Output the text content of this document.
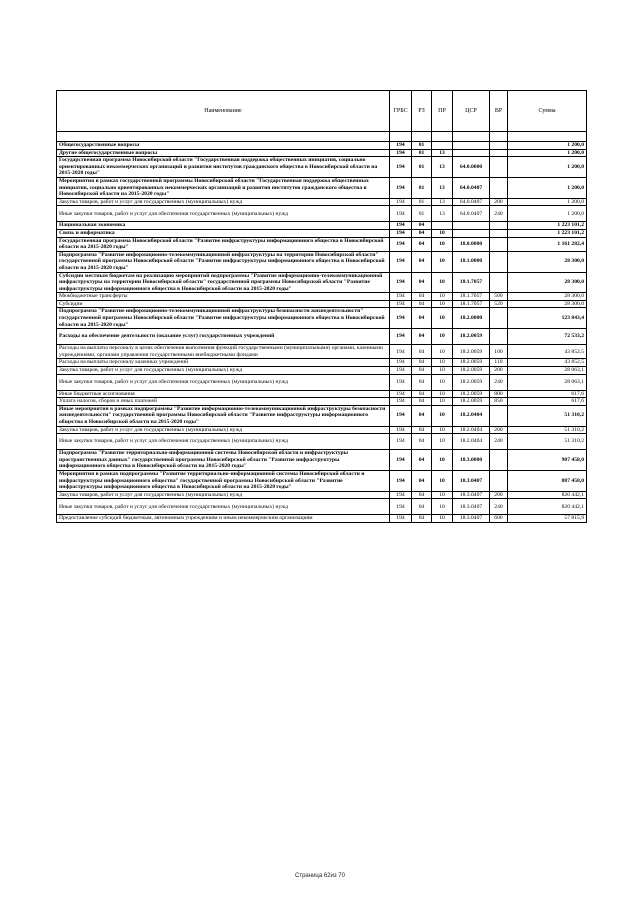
Наименование	ГРБС	РЗ	ПР	ЦСР	ВР	Сумма

Общегосударственные вопросы	194	01				1 200,0
Другие общегосударственные вопросы	194	01	13			1 200,0
Государственная программа Новосибирской области "Государственная поддержка общественных инициатив, социально ориентированных некоммерческих организаций и развития институтов гражданского общества в Новосибирской области на 2015-2020 годы"	194	01	13	64.0.0000		1 200,0
Мероприятия в рамках государственной программы Новосибирской области "Государственная поддержка общественных инициатив, социально ориентированных некоммерческих организаций и развития институтов гражданского общества в Новосибирской области на 2015-2020 годы"	194	01	13	64.0.0407		1 200,0
Закупка товаров, работ и услуг для государственных (муниципальных) нужд	194	01	13	64.0.0407	200	1 200,0
Иные закупки товаров, работ и услуг для обеспечения государственных (муниципальных) нужд	194	01	13	64.0.0407	240	1 200,0
Национальная экономика	194	04				1 223 101,2
Связь и информатика	194	04	10			1 223 101,2
Государственная программа Новосибирской области "Развитие инфраструктуры информационного общества в Новосибирской области на 2015-2020 годы"	194	04	10	18.0.0000		1 161 282,4
Подпрограмма "Развитие информационно-телекоммуникационной инфраструктуры на территории Новосибирской области" государственной программы Новосибирской области "Развитие инфраструктуры информационного общества в Новосибирской области на 2015-2020 годы"	194	04	10	18.1.0000		28 300,0
Субсидии местным бюджетам на реализацию мероприятий подпрограммы "Развитие информационно-телекоммуникационной инфраструктуры на территории Новосибирской области" государственной программы Новосибирской области "Развитие инфраструктуры информационного общества в Новосибирской области на 2015-2020 годы"	194	04	10	18.1.7057		28 300,0
Межбюджетные трансферты	194	04	10	18.1.7057	500	28 300,0
Субсидии	194	04	10	18.1.7057	520	28 300,0
Подпрограмма "Развитие информационно-телекоммуникационной инфраструктуры безопасности жизнедеятельности" государственной программы Новосибирской области "Развитие инфраструктуры информационного общества в Новосибирской области на 2015-2020 годы"	194	04	10	18.2.0000		123 843,4
Расходы на обеспечение деятельности (оказание услуг) государственных учреждений	194	04	10	18.2.0059		72 533,2
Расходы на выплаты персоналу в целях обеспечения выполнения функций государственными (муниципальными) органами, казенными учреждениями, органами управления государственными внебюджетными фондами	194	04	10	18.2.0059	100	43 852,5
Расходы на выплаты персоналу казенных учреждений	194	04	10	18.2.0059	110	43 852,5
Закупка товаров, работ и услуг для государственных (муниципальных) нужд	194	04	10	18.2.0059	200	28 063,1
Иные закупки товаров, работ и услуг для обеспечения государственных (муниципальных) нужд	194	04	10	18.2.0059	240	28 063,1
Иные бюджетные ассигнования	194	04	10	18.2.0059	800	617,6
Уплата налогов, сборов и иных платежей	194	04	10	18.2.0059	850	617,6
Иные мероприятия в рамках подпрограммы "Развитие информационно-телекоммуникационной инфраструктуры безопасности жизнедеятельности" государственной программы Новосибирской области "Развитие инфраструктуры информационного общества в Новосибирской области на 2015-2020 годы"	194	04	10	18.2.0404		51 310,2
Закупка товаров, работ и услуг для государственных (муниципальных) нужд	194	04	10	18.2.0404	200	51 310,2
Иные закупки товаров, работ и услуг для обеспечения государственных (муниципальных) нужд	194	04	10	18.2.0404	240	51 310,2
Подпрограмма "Развитие территориально-информационной системы Новосибирской области и инфраструктуры пространственных данных" государственной программы Новосибирской области "Развитие инфраструктуры информационного общества в Новосибирской области на 2015-2020 годы"	194	04	10	18.3.0000		907 458,0
Мероприятия в рамках подпрограммы "Развитие территориально-информационной системы Новосибирской области и инфраструктуры информационного общества" государственной программы Новосибирской области "Развитие инфраструктуры информационного общества в Новосибирской области на 2015-2020 годы"	194	04	10	18.3.0407		887 458,0
Закупка товаров, работ и услуг для государственных (муниципальных) нужд	194	04	10	18.3.0407	200	820 442,1
Иные закупки товаров, работ и услуг для обеспечения государственных (муниципальных) нужд	194	04	10	18.3.0407	240	820 442,1
Предоставление субсидий бюджетным, автономным учреждениям и иным некоммерческим организациям	194	04	10	18.3.0407	600	57 815,9
Страница 62из 70
